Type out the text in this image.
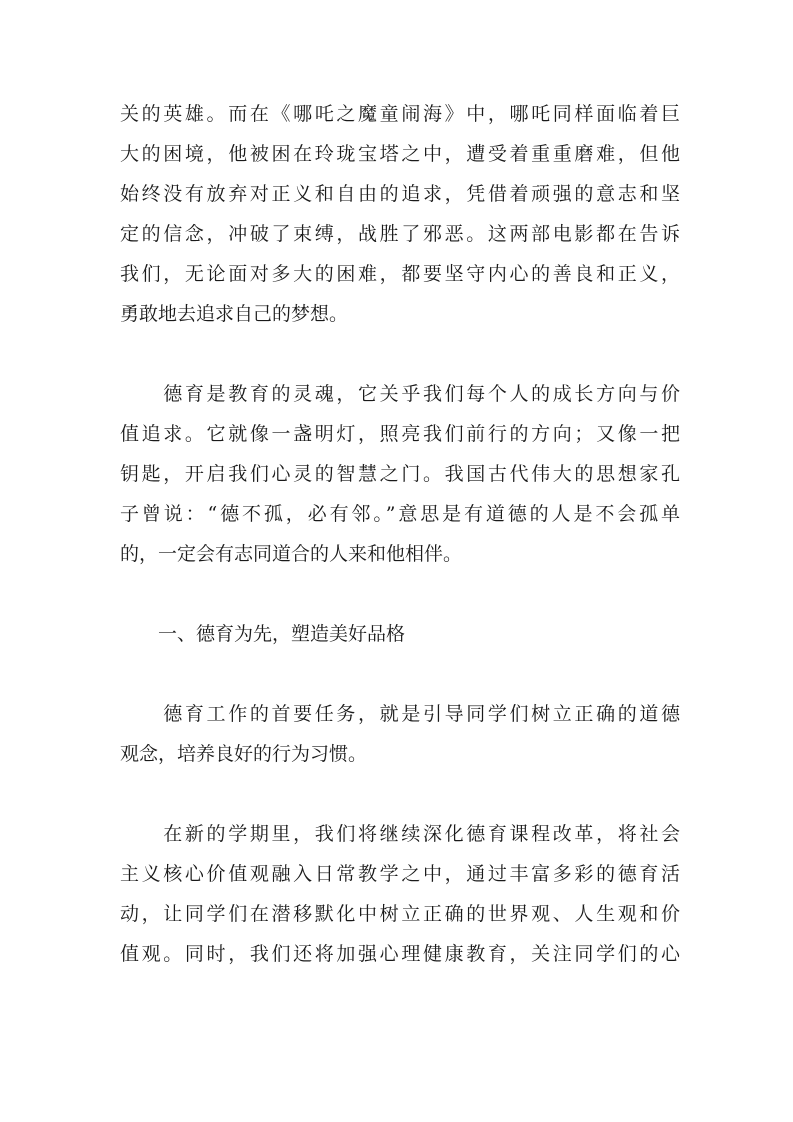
关的英雄。而在《哪吒之魔童闹海》中，哪吒同样面临着巨

大的困境，他被困在玲珑宝塔之中，遭受着重重磨难，但他

始终没有放弃对正义和自由的追求，凭借着顽强的意志和坚

定的信念，冲破了束缚，战胜了邪恶。这两部电影都在告诉

我们，无论面对多大的困难，都要坚守内心的善良和正义，

勇敢地去追求自己的梦想。

　　德育是教育的灵魂，它关乎我们每个人的成长方向与价

值追求。它就像一盏明灯，照亮我们前行的方向；又像一把

钥匙，开启我们心灵的智慧之门。我国古代伟大的思想家孔

子曾说：“德不孤，必有邻。”意思是有道德的人是不会孤单

的，一定会有志同道合的人来和他相伴。

　　一、德育为先，塑造美好品格

　　德育工作的首要任务，就是引导同学们树立正确的道德

观念，培养良好的行为习惯。

　　在新的学期里，我们将继续深化德育课程改革，将社会

主义核心价值观融入日常教学之中，通过丰富多彩的德育活

动，让同学们在潜移默化中树立正确的世界观、人生观和价

值观。同时，我们还将加强心理健康教育，关注同学们的心
